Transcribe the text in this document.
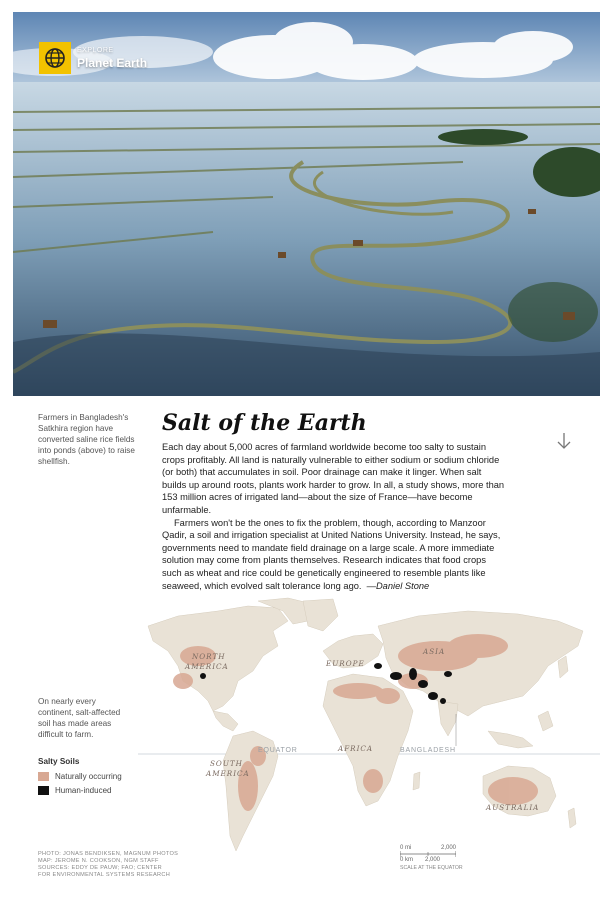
EXPLORE
Planet Earth
Farmers in Bangladesh's Satkhira region have converted saline rice fields into ponds (above) to raise shellfish.
Salt of the Earth

Each day about 5,000 acres of farmland worldwide become too salty to sustain crops profitably. All land is naturally vulnerable to either sodium or sodium chloride (or both) that accumulates in soil. Poor drainage can make it linger. When salt builds up around roots, plants work harder to grow. In all, a study shows, more than 153 million acres of irrigated land—about the size of France—have become unfarmable.

Farmers won't be the ones to fix the problem, though, according to Manzoor Qadir, a soil and irrigation specialist at United Nations University. Instead, he says, governments need to mandate field drainage on a large scale. A more immediate solution may come from plants themselves. Research indicates that food crops such as wheat and rice could be genetically engineered to resemble plants like seaweed, which evolved salt tolerance long ago. —Daniel Stone

NORTH
AMERICA	EUROPE
ASIA
AFRICA
SOUTH
AMERICA
AUSTRALIA
EQUATOR	BANGLADESH
On nearly every continent, salt-affected soil has made areas difficult to farm.
Salty Soils
Naturally occurring
Human-induced
0 mi	2,000
0 km 2,000
SCALE AT THE EQUATOR
PHOTO: JONAS BENDIKSEN, MAGNUM PHOTOS
MAP: JEROME N. COOKSON, NGM STAFF
SOURCES: EDDY DE PAUW; FAO; CENTER
FOR ENVIRONMENTAL SYSTEMS RESEARCH
